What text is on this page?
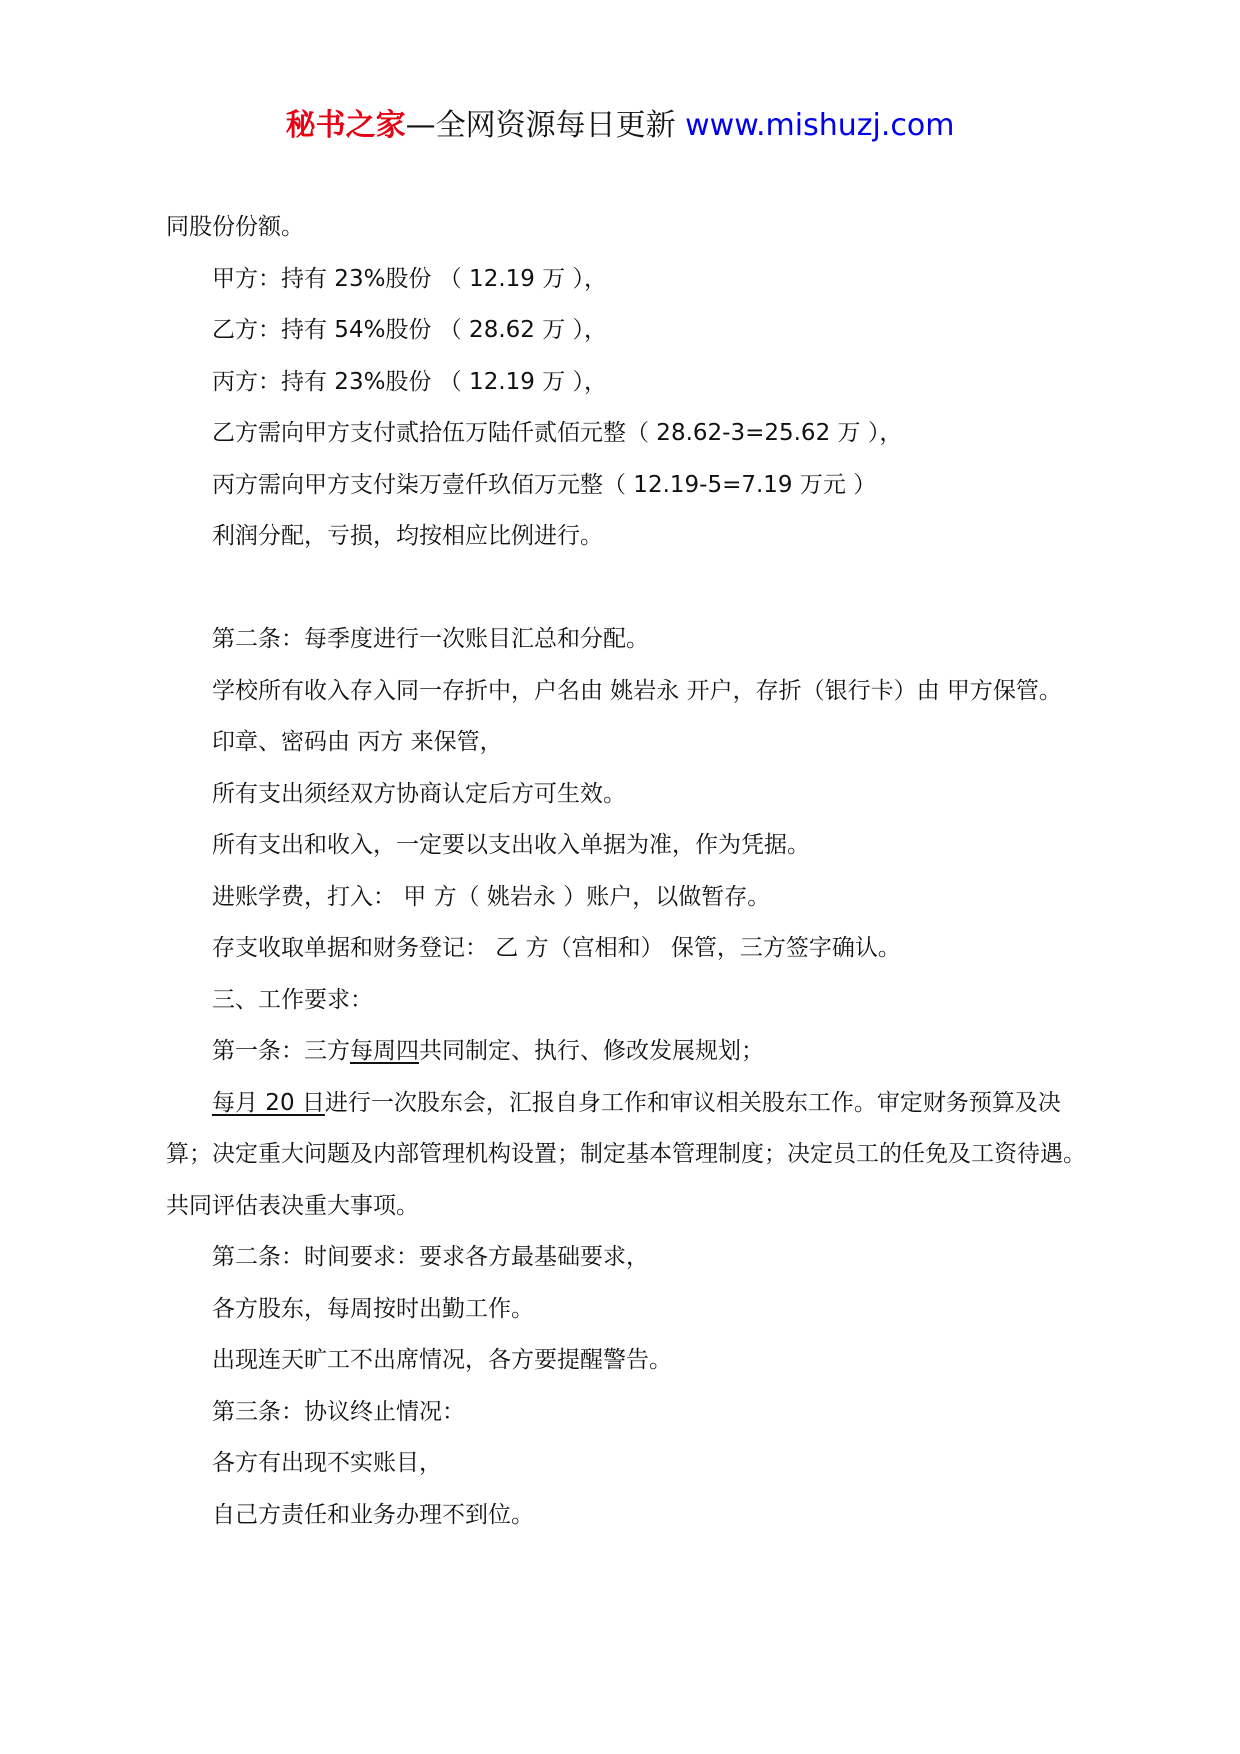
秘书之家—全网资源每日更新 www.mishuzj.com

同股份份额。

甲方：持有 23%股份 （ 12.19 万 ），

乙方：持有 54%股份 （ 28.62 万 ），

丙方：持有 23%股份 （ 12.19 万 ），

乙方需向甲方支付贰拾伍万陆仟贰佰元整（ 28.62-3=25.62 万 ），

丙方需向甲方支付柒万壹仟玖佰万元整（ 12.19-5=7.19 万元 ）

利润分配，亏损，均按相应比例进行。

第二条：每季度进行一次账目汇总和分配。

学校所有收入存入同一存折中，户名由 姚岩永 开户，存折（银行卡）由 甲方保管。

印章、密码由 丙方 来保管，

所有支出须经双方协商认定后方可生效。

所有支出和收入，一定要以支出收入单据为准，作为凭据。

进账学费，打入： 甲 方（ 姚岩永 ）账户，以做暂存。

存支收取单据和财务登记： 乙 方（宫相和） 保管，三方签字确认。

三、工作要求：

第一条：三方每周四共同制定、执行、修改发展规划；

每月 20 日进行一次股东会，汇报自身工作和审议相关股东工作。审定财务预算及决算；决定重大问题及内部管理机构设置；制定基本管理制度；决定员工的任免及工资待遇。共同评估表决重大事项。

第二条：时间要求：要求各方最基础要求，

各方股东，每周按时出勤工作。

出现连天旷工不出席情况，各方要提醒警告。

第三条：协议终止情况：

各方有出现不实账目，

自己方责任和业务办理不到位。
